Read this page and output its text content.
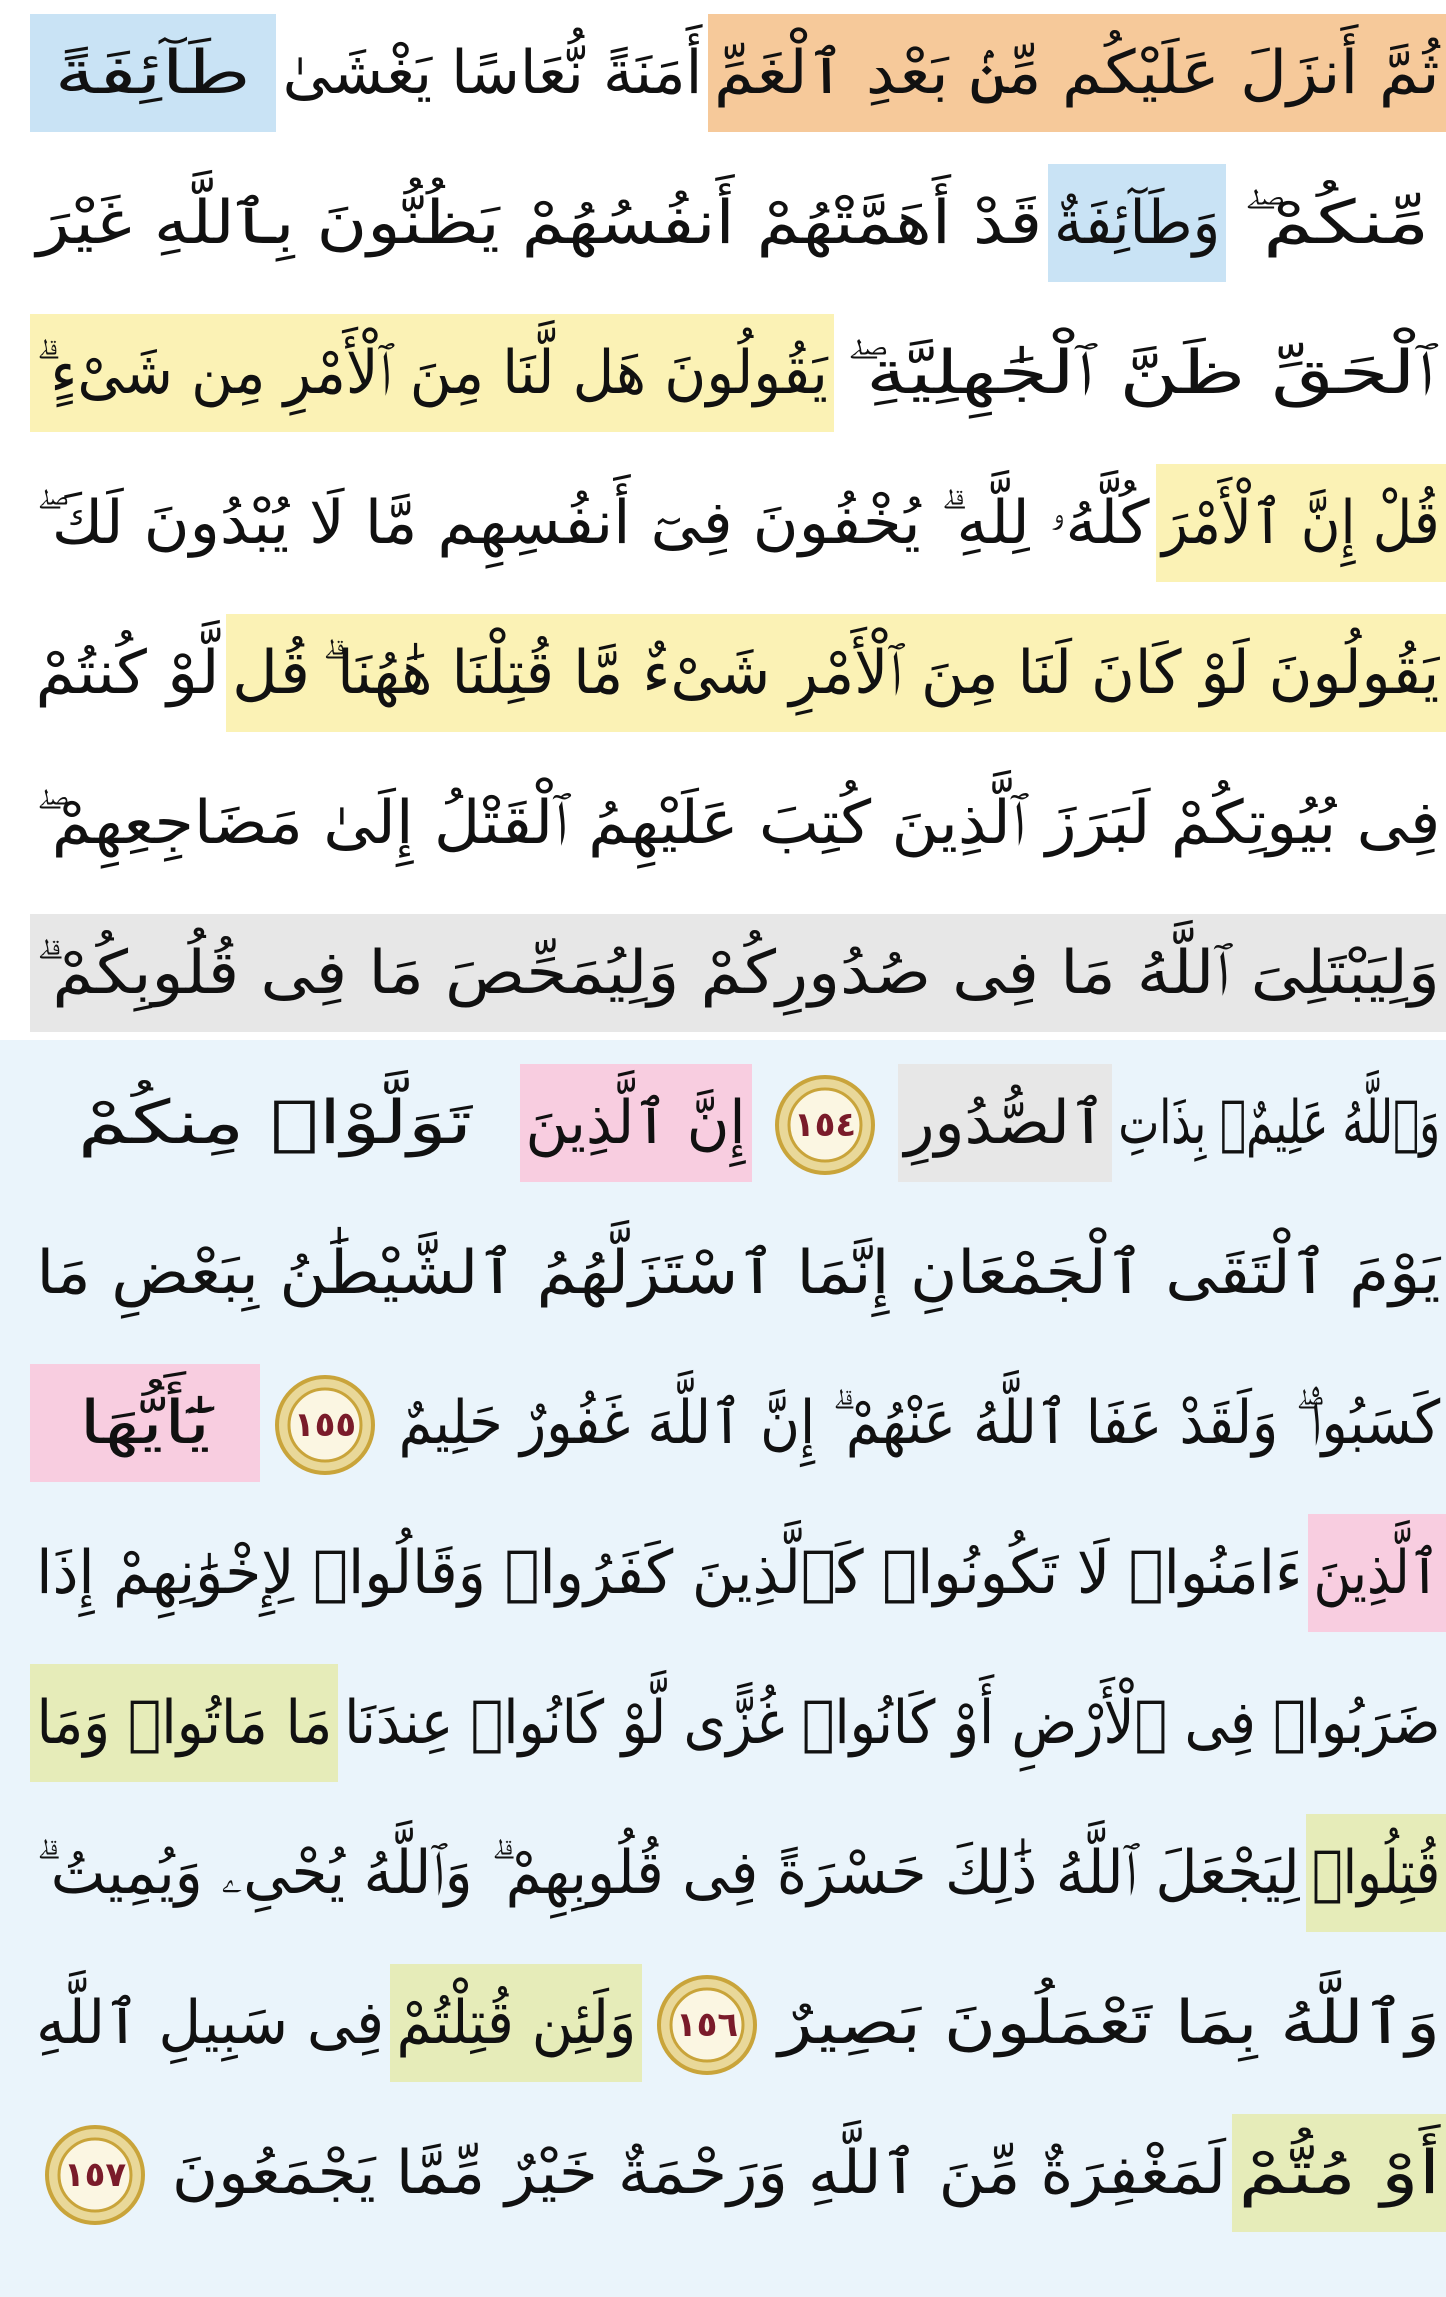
ثُمَّ أَنزَلَ عَلَيْكُم مِّنۢ بَعْدِ ٱلْغَمِّ
أَمَنَةً نُّعَاسًا يَغْشَىٰ
طَآئِفَةً
مِّنكُمْ ۖ
وَطَآئِفَةٌ
قَدْ أَهَمَّتْهُمْ أَنفُسُهُمْ يَظُنُّونَ بِٱللَّهِ غَيْرَ
ٱلْحَقِّ ظَنَّ ٱلْجَٰهِلِيَّةِ ۖ
يَقُولُونَ هَل لَّنَا مِنَ ٱلْأَمْرِ مِن شَىْءٍ ۗ
قُلْ إِنَّ ٱلْأَمْرَ
كُلَّهُۥ لِلَّهِ ۗ يُخْفُونَ فِىٓ أَنفُسِهِم مَّا لَا يُبْدُونَ لَكَ ۖ
يَقُولُونَ لَوْ كَانَ لَنَا مِنَ ٱلْأَمْرِ شَىْءٌ مَّا قُتِلْنَا هَٰهُنَا ۗ
قُل
لَّوْ كُنتُمْ
فِى بُيُوتِكُمْ لَبَرَزَ ٱلَّذِينَ كُتِبَ عَلَيْهِمُ ٱلْقَتْلُ إِلَىٰ مَضَاجِعِهِمْ ۖ
وَلِيَبْتَلِىَ ٱللَّهُ مَا فِى صُدُورِكُمْ وَلِيُمَحِّصَ مَا فِى قُلُوبِكُمْ ۗ
وَٱللَّهُ عَلِيمٌۢ بِذَاتِ
ٱلصُّدُورِ
١٥٤
إِنَّ ٱلَّذِينَ
تَوَلَّوْا۟ مِنكُمْ
يَوْمَ ٱلْتَقَى ٱلْجَمْعَانِ إِنَّمَا ٱسْتَزَلَّهُمُ ٱلشَّيْطَٰنُ بِبَعْضِ مَا
كَسَبُوا۟ ۖ وَلَقَدْ عَفَا ٱللَّهُ عَنْهُمْ ۗ إِنَّ ٱللَّهَ غَفُورٌ حَلِيمٌ
١٥٥
يَٰٓأَيُّهَا
ٱلَّذِينَ
ءَامَنُوا۟ لَا تَكُونُوا۟ كَٱلَّذِينَ كَفَرُوا۟ وَقَالُوا۟ لِإِخْوَٰنِهِمْ إِذَا
ضَرَبُوا۟ فِى ٱلْأَرْضِ أَوْ كَانُوا۟ غُزًّى لَّوْ كَانُوا۟ عِندَنَا
مَا مَاتُوا۟ وَمَا
قُتِلُوا۟
لِيَجْعَلَ ٱللَّهُ ذَٰلِكَ حَسْرَةً فِى قُلُوبِهِمْ ۗ وَٱللَّهُ يُحْىِۦ وَيُمِيتُ ۗ
وَٱللَّهُ بِمَا تَعْمَلُونَ بَصِيرٌ
١٥٦
وَلَئِن قُتِلْتُمْ
فِى سَبِيلِ ٱللَّهِ
أَوْ مُتُّمْ
لَمَغْفِرَةٌ مِّنَ ٱللَّهِ وَرَحْمَةٌ خَيْرٌ مِّمَّا يَجْمَعُونَ
١٥٧
